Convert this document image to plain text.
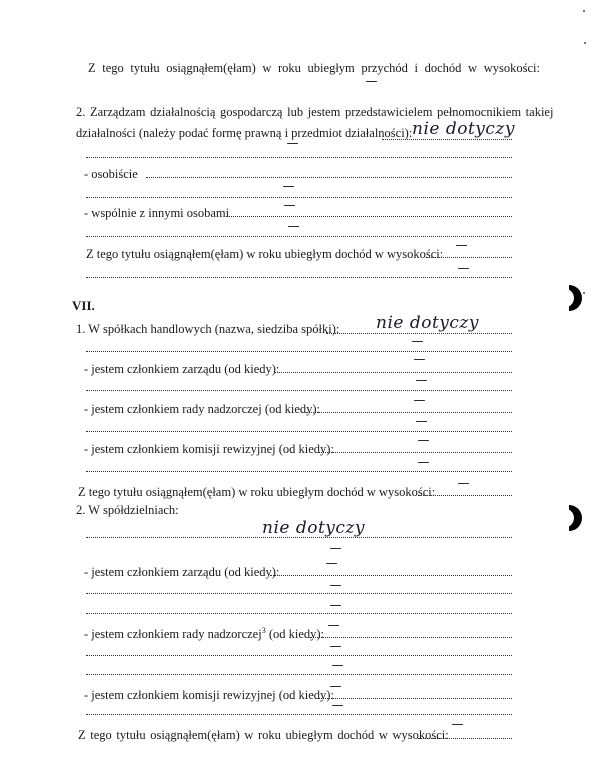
Z tego tytułu osiągnąłem(ęłam) w roku ubiegłym przychód i dochód w wysokości:
2. Zarządzam działalnością gospodarczą lub jestem przedstawicielem pełnomocnikiem takiej
działalności (należy podać formę prawną i przedmiot działalności): nie dotyczy
- osobiście
- wspólnie z innymi osobami
Z tego tytułu osiągnąłem(ęłam) w roku ubiegłym dochód w wysokości:
VII.
1. W spółkach handlowych (nazwa, siedziba spółki): nie dotyczy
- jestem członkiem zarządu (od kiedy):
- jestem członkiem rady nadzorczej (od kiedy):
- jestem członkiem komisji rewizyjnej (od kiedy):
Z tego tytułu osiągnąłem(ęłam) w roku ubiegłym dochód w wysokości:
2. W spółdzielniach:
nie dotyczy
- jestem członkiem zarządu (od kiedy):
- jestem członkiem rady nadzorczej$^3$ (od kiedy):
- jestem członkiem komisji rewizyjnej (od kiedy):
Z tego tytułu osiągnąłem(ęłam) w roku ubiegłym dochód w wysokości:
